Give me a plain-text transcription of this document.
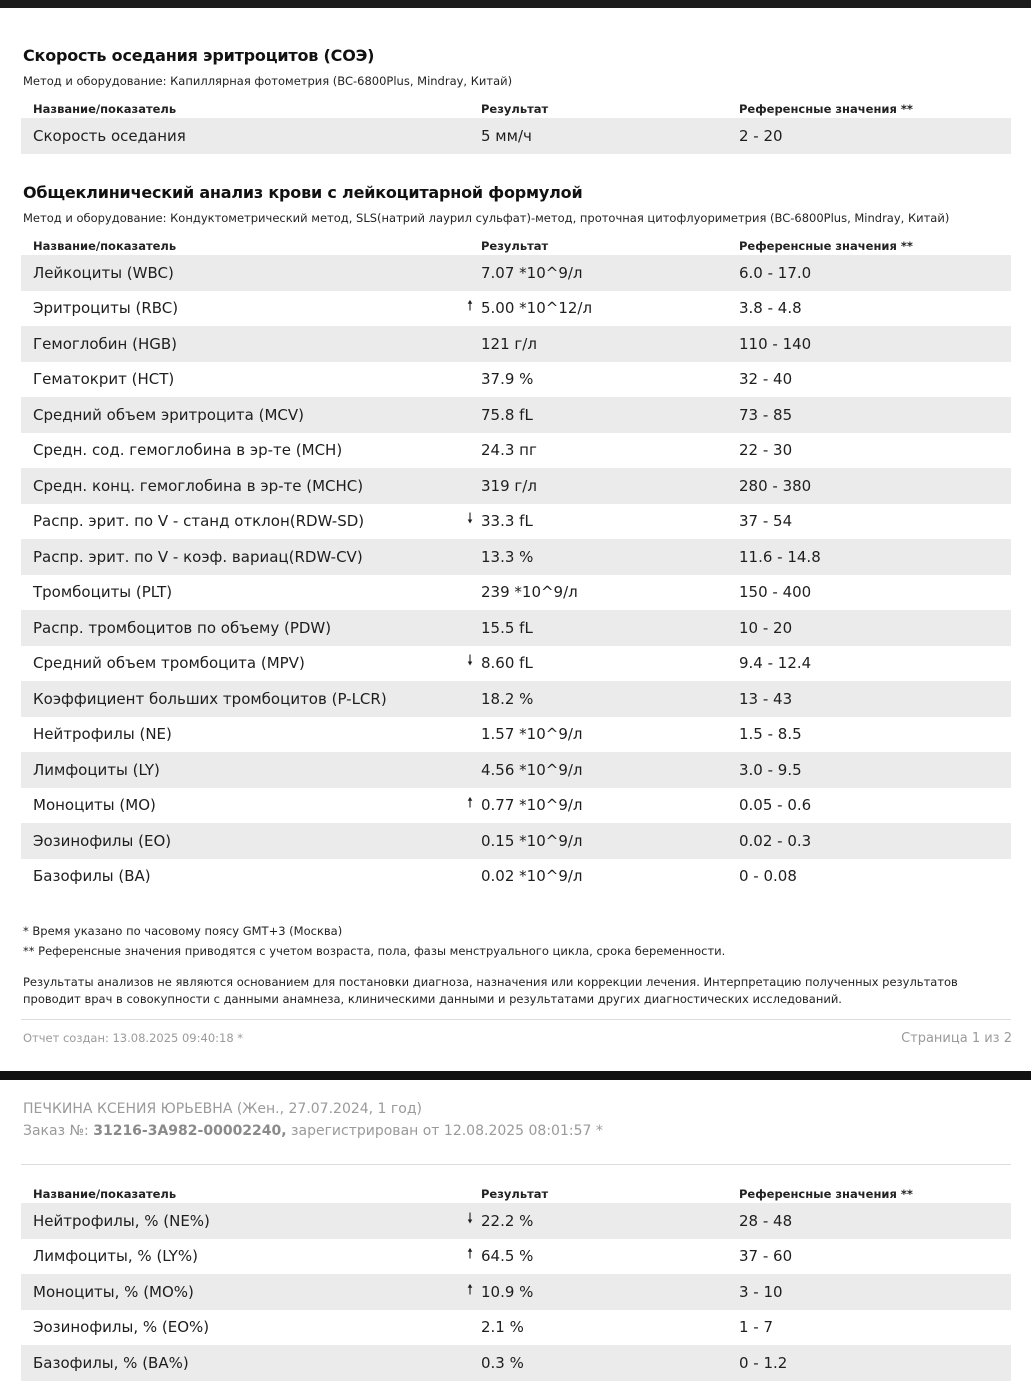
Скорость оседания эритроцитов (СОЭ)
Метод и оборудование: Капиллярная фотометрия (BC-6800Plus, Mindray, Китай)
Название/показатель	Результат	Референсные значения **
Скорость оседания	5 мм/ч	2 - 20
Общеклинический анализ крови с лейкоцитарной формулой
Метод и оборудование: Кондуктометрический метод, SLS(натрий лаурил сульфат)-метод, проточная цитофлуориметрия (BC-6800Plus, Mindray, Китай)
Название/показатель	Результат	Референсные значения **
Лейкоциты (WBC)	7.07 *10^9/л	6.0 - 17.0
Эритроциты (RBC)	🠕 5.00 *10^12/л	3.8 - 4.8
Гемоглобин (HGB)	121 г/л	110 - 140
Гематокрит (HCT)	37.9 %	32 - 40
Средний объем эритроцита (MCV)	75.8 fL	73 - 85
Средн. сод. гемоглобина в эр-те (MCH)	24.3 пг	22 - 30
Средн. конц. гемоглобина в эр-те (MCHC)	319 г/л	280 - 380
Распр. эрит. по V - станд отклон(RDW-SD)	🠗 33.3 fL	37 - 54
Распр. эрит. по V - коэф. вариац(RDW-CV)	13.3 %	11.6 - 14.8
Тромбоциты (PLT)	239 *10^9/л	150 - 400
Распр. тромбоцитов по объему (PDW)	15.5 fL	10 - 20
Средний объем тромбоцита (MPV)	🠗 8.60 fL	9.4 - 12.4
Коэффициент больших тромбоцитов (P-LCR)	18.2 %	13 - 43
Нейтрофилы (NE)	1.57 *10^9/л	1.5 - 8.5
Лимфоциты (LY)	4.56 *10^9/л	3.0 - 9.5
Моноциты (MO)	🠕 0.77 *10^9/л	0.05 - 0.6
Эозинофилы (EO)	0.15 *10^9/л	0.02 - 0.3
Базофилы (BA)	0.02 *10^9/л	0 - 0.08
* Время указано по часовому поясу GMT+3 (Москва)
** Референсные значения приводятся с учетом возраста, пола, фазы менструального цикла, срока беременности.
Результаты анализов не являются основанием для постановки диагноза, назначения или коррекции лечения. Интерпретацию полученных результатов проводит врач в совокупности с данными анамнеза, клиническими данными и результатами других диагностических исследований.
Отчет создан: 13.08.2025 09:40:18 *	Страница 1 из 2
ПЕЧКИНА КСЕНИЯ ЮРЬЕВНА (Жен., 27.07.2024, 1 год)
Заказ №: 31216-3А982-00002240, зарегистрирован от 12.08.2025 08:01:57 *
Название/показатель	Результат	Референсные значения **
Нейтрофилы, % (NE%)	🠗 22.2 %	28 - 48
Лимфоциты, % (LY%)	🠕 64.5 %	37 - 60
Моноциты, % (MO%)	🠕 10.9 %	3 - 10
Эозинофилы, % (EO%)	2.1 %	1 - 7
Базофилы, % (BA%)	0.3 %	0 - 1.2
